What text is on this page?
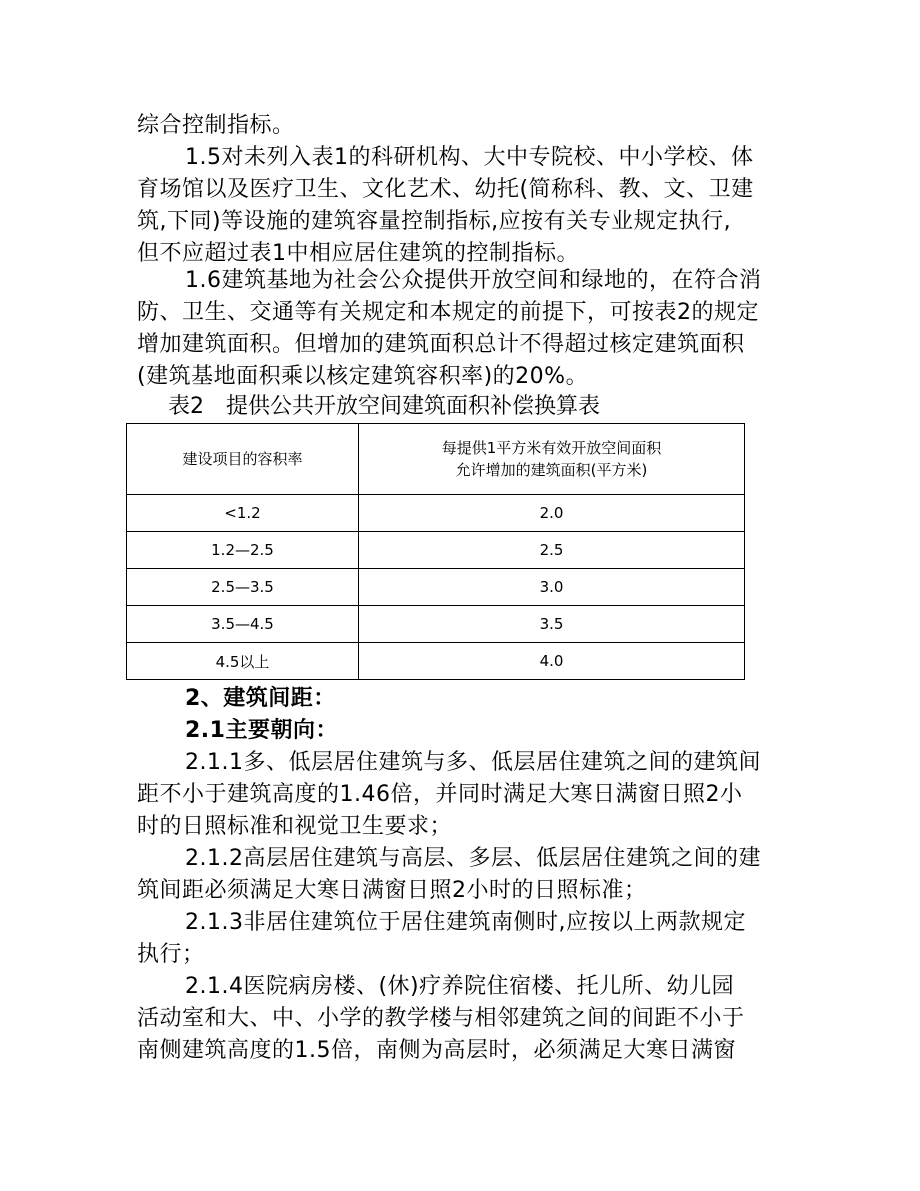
综合控制指标。
1.5对未列入表1的科研机构、大中专院校、中小学校、体
育场馆以及医疗卫生、文化艺术、幼托(简称科、教、文、卫建
筑,下同)等设施的建筑容量控制指标,应按有关专业规定执行,
但不应超过表1中相应居住建筑的控制指标。
1.6建筑基地为社会公众提供开放空间和绿地的，在符合消
防、卫生、交通等有关规定和本规定的前提下，可按表2的规定
增加建筑面积。但增加的建筑面积总计不得超过核定建筑面积
(建筑基地面积乘以核定建筑容积率)的20%。
表2　提供公共开放空间建筑面积补偿换算表
建设项目的容积率	每提供1平方米有效开放空间面积
允许增加的建筑面积(平方米)

<1.2	2.0
1.2—2.5	2.5
2.5—3.5	3.0
3.5—4.5	3.5
4.5以上	4.0
2、建筑间距：
2.1主要朝向：
2.1.1多、低层居住建筑与多、低层居住建筑之间的建筑间
距不小于建筑高度的1.46倍，并同时满足大寒日满窗日照2小
时的日照标准和视觉卫生要求；
2.1.2高层居住建筑与高层、多层、低层居住建筑之间的建
筑间距必须满足大寒日满窗日照2小时的日照标准；
2.1.3非居住建筑位于居住建筑南侧时,应按以上两款规定
执行；
2.1.4医院病房楼、(休)疗养院住宿楼、托儿所、幼儿园
活动室和大、中、小学的教学楼与相邻建筑之间的间距不小于
南侧建筑高度的1.5倍，南侧为高层时，必须满足大寒日满窗
